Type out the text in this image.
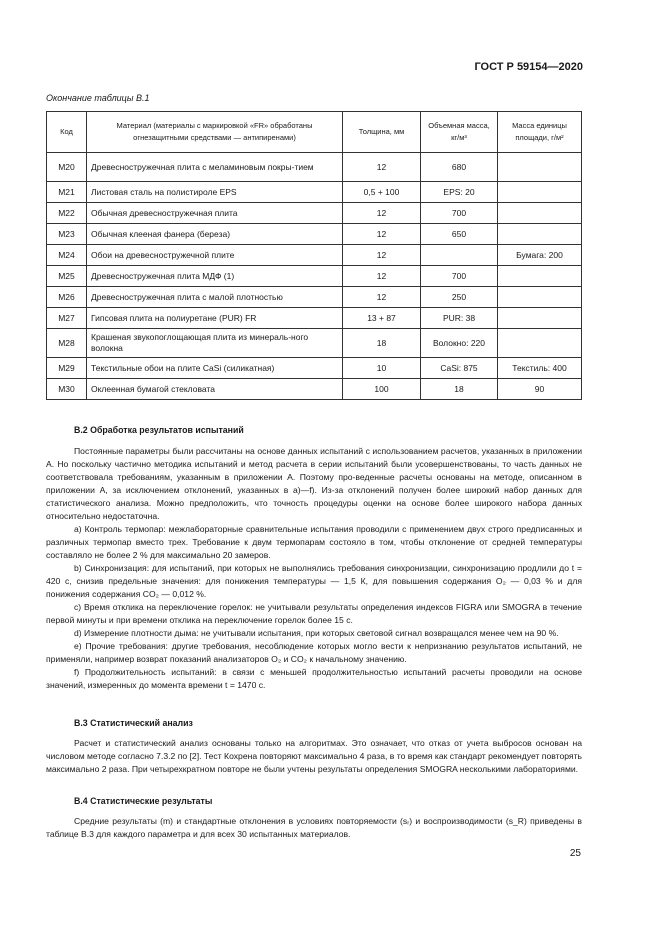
ГОСТ Р 59154—2020
Окончание таблицы В.1
Код	Материал (материалы с маркировкой «FR» обработаны огнезащитными средствами — антипиренами)	Толщина, мм	Объемная масса, кг/м³	Масса единицы площади, г/м²
М20	Древесностружечная плита с меламиновым покры-тием	12	680	
М21	Листовая сталь на полистироле EPS	0,5 + 100	EPS: 20	
М22	Обычная древесностружечная плита	12	700	
М23	Обычная клееная фанера (береза)	12	650	
М24	Обои на древесностружечной плите	12		Бумага: 200
М25	Древесностружечная плита МДФ (1)	12	700	
М26	Древесностружечная плита с малой плотностью	12	250	
М27	Гипсовая плита на полиуретане (PUR) FR	13 + 87	PUR: 38	
М28	Крашеная звукопоглощающая плита из минераль-ного волокна	18	Волокно: 220	
М29	Текстильные обои на плите CaSi (силикатная)	10	CaSi: 875	Текстиль: 400
М30	Оклеенная бумагой стекловата	100	18	90
В.2 Обработка результатов испытаний

Постоянные параметры были рассчитаны на основе данных испытаний с использованием расчетов, указанных в приложении А. Но поскольку частично методика испытаний и метод расчета в серии испытаний были усовершенствованы, то часть данных не соответствовала требованиям, указанным в приложении А. Поэтому про-веденные расчеты основаны на методе, описанном в приложении А, за исключением отклонений, указанных в а)—f). Из-за отклонений получен более широкий набор данных для статистического анализа. Можно предположить, что точность процедуры оценки на основе более широкого набора данных относительно недостаточна.

а) Контроль термопар: межлабораторные сравнительные испытания проводили с применением двух строго предписанных и различных термопар вместо трех. Требование к двум термопарам состояло в том, чтобы отклонение от средней температуры составляло не более 2 % для максимально 20 замеров.

b) Синхронизация: для испытаний, при которых не выполнялись требования синхронизации, синхронизацию продлили до t = 420 с, снизив предельные значения: для понижения температуры — 1,5 К, для повышения содержания O₂ — 0,03 % и для понижения содержания CO₂ — 0,012 %.

c) Время отклика на переключение горелок: не учитывали результаты определения индексов FIGRA или SMOGRA в течение первой минуты и при времени отклика на переключение горелок более 15 с.

d) Измерение плотности дыма: не учитывали испытания, при которых световой сигнал возвращался менее чем на 90 %.

е) Прочие требования: другие требования, несоблюдение которых могло вести к непризнанию результатов испытаний, не применяли, например возврат показаний анализаторов O₂ и CO₂ к начальному значению.

f) Продолжительность испытаний: в связи с меньшей продолжительностью испытаний расчеты проводили на основе значений, измеренных до момента времени t = 1470 с.

В.3 Статистический анализ

Расчет и статистический анализ основаны только на алгоритмах. Это означает, что отказ от учета выбросов основан на числовом методе согласно 7.3.2 по [2]. Тест Кохрена повторяют максимально 4 раза, в то время как стандарт рекомендует повторять максимально 2 раза. При четырехкратном повторе не были учтены результаты определения SMOGRA несколькими лабораториями.

В.4 Статистические результаты

Средние результаты (m) и стандартные отклонения в условиях повторяемости (sᵣ) и воспроизводимости (s_R) приведены в таблице В.3 для каждого параметра и для всех 30 испытанных материалов.

25
